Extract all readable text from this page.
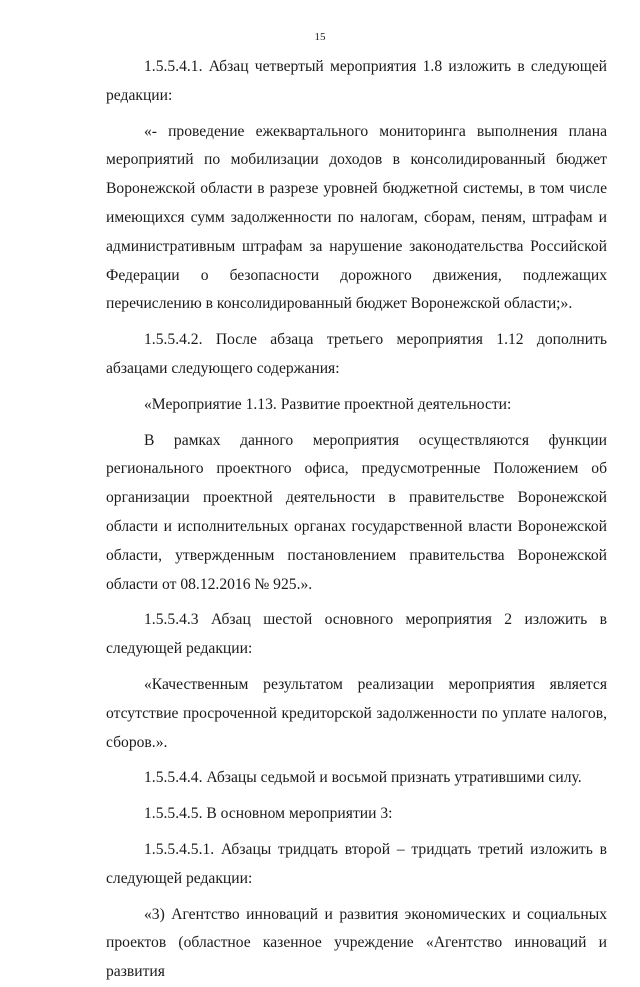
15

1.5.5.4.1. Абзац четвертый мероприятия 1.8 изложить в следующей редакции:

«- проведение ежеквартального мониторинга выполнения плана мероприятий по мобилизации доходов в консолидированный бюджет Воронежской области в разрезе уровней бюджетной системы, в том числе имеющихся сумм задолженности по налогам, сборам, пеням, штрафам и административным штрафам за нарушение законодательства Российской Федерации о безопасности дорожного движения, подлежащих перечислению в консолидированный бюджет Воронежской области;».

1.5.5.4.2. После абзаца третьего мероприятия 1.12 дополнить абзацами следующего содержания:

«Мероприятие 1.13. Развитие проектной деятельности:

В рамках данного мероприятия осуществляются функции регионального проектного офиса, предусмотренные Положением об организации проектной деятельности в правительстве Воронежской области и исполнительных органах государственной власти Воронежской области, утвержденным постановлением правительства Воронежской области от 08.12.2016 № 925.».

1.5.5.4.3 Абзац шестой основного мероприятия 2 изложить в следующей редакции:

«Качественным результатом реализации мероприятия является отсутствие просроченной кредиторской задолженности по уплате налогов, сборов.».

1.5.5.4.4. Абзацы седьмой и восьмой признать утратившими силу.

1.5.5.4.5. В основном мероприятии 3:

1.5.5.4.5.1. Абзацы тридцать второй – тридцать третий изложить в следующей редакции:

«3) Агентство инноваций и развития экономических и социальных проектов (областное казенное учреждение «Агентство инноваций и развития
